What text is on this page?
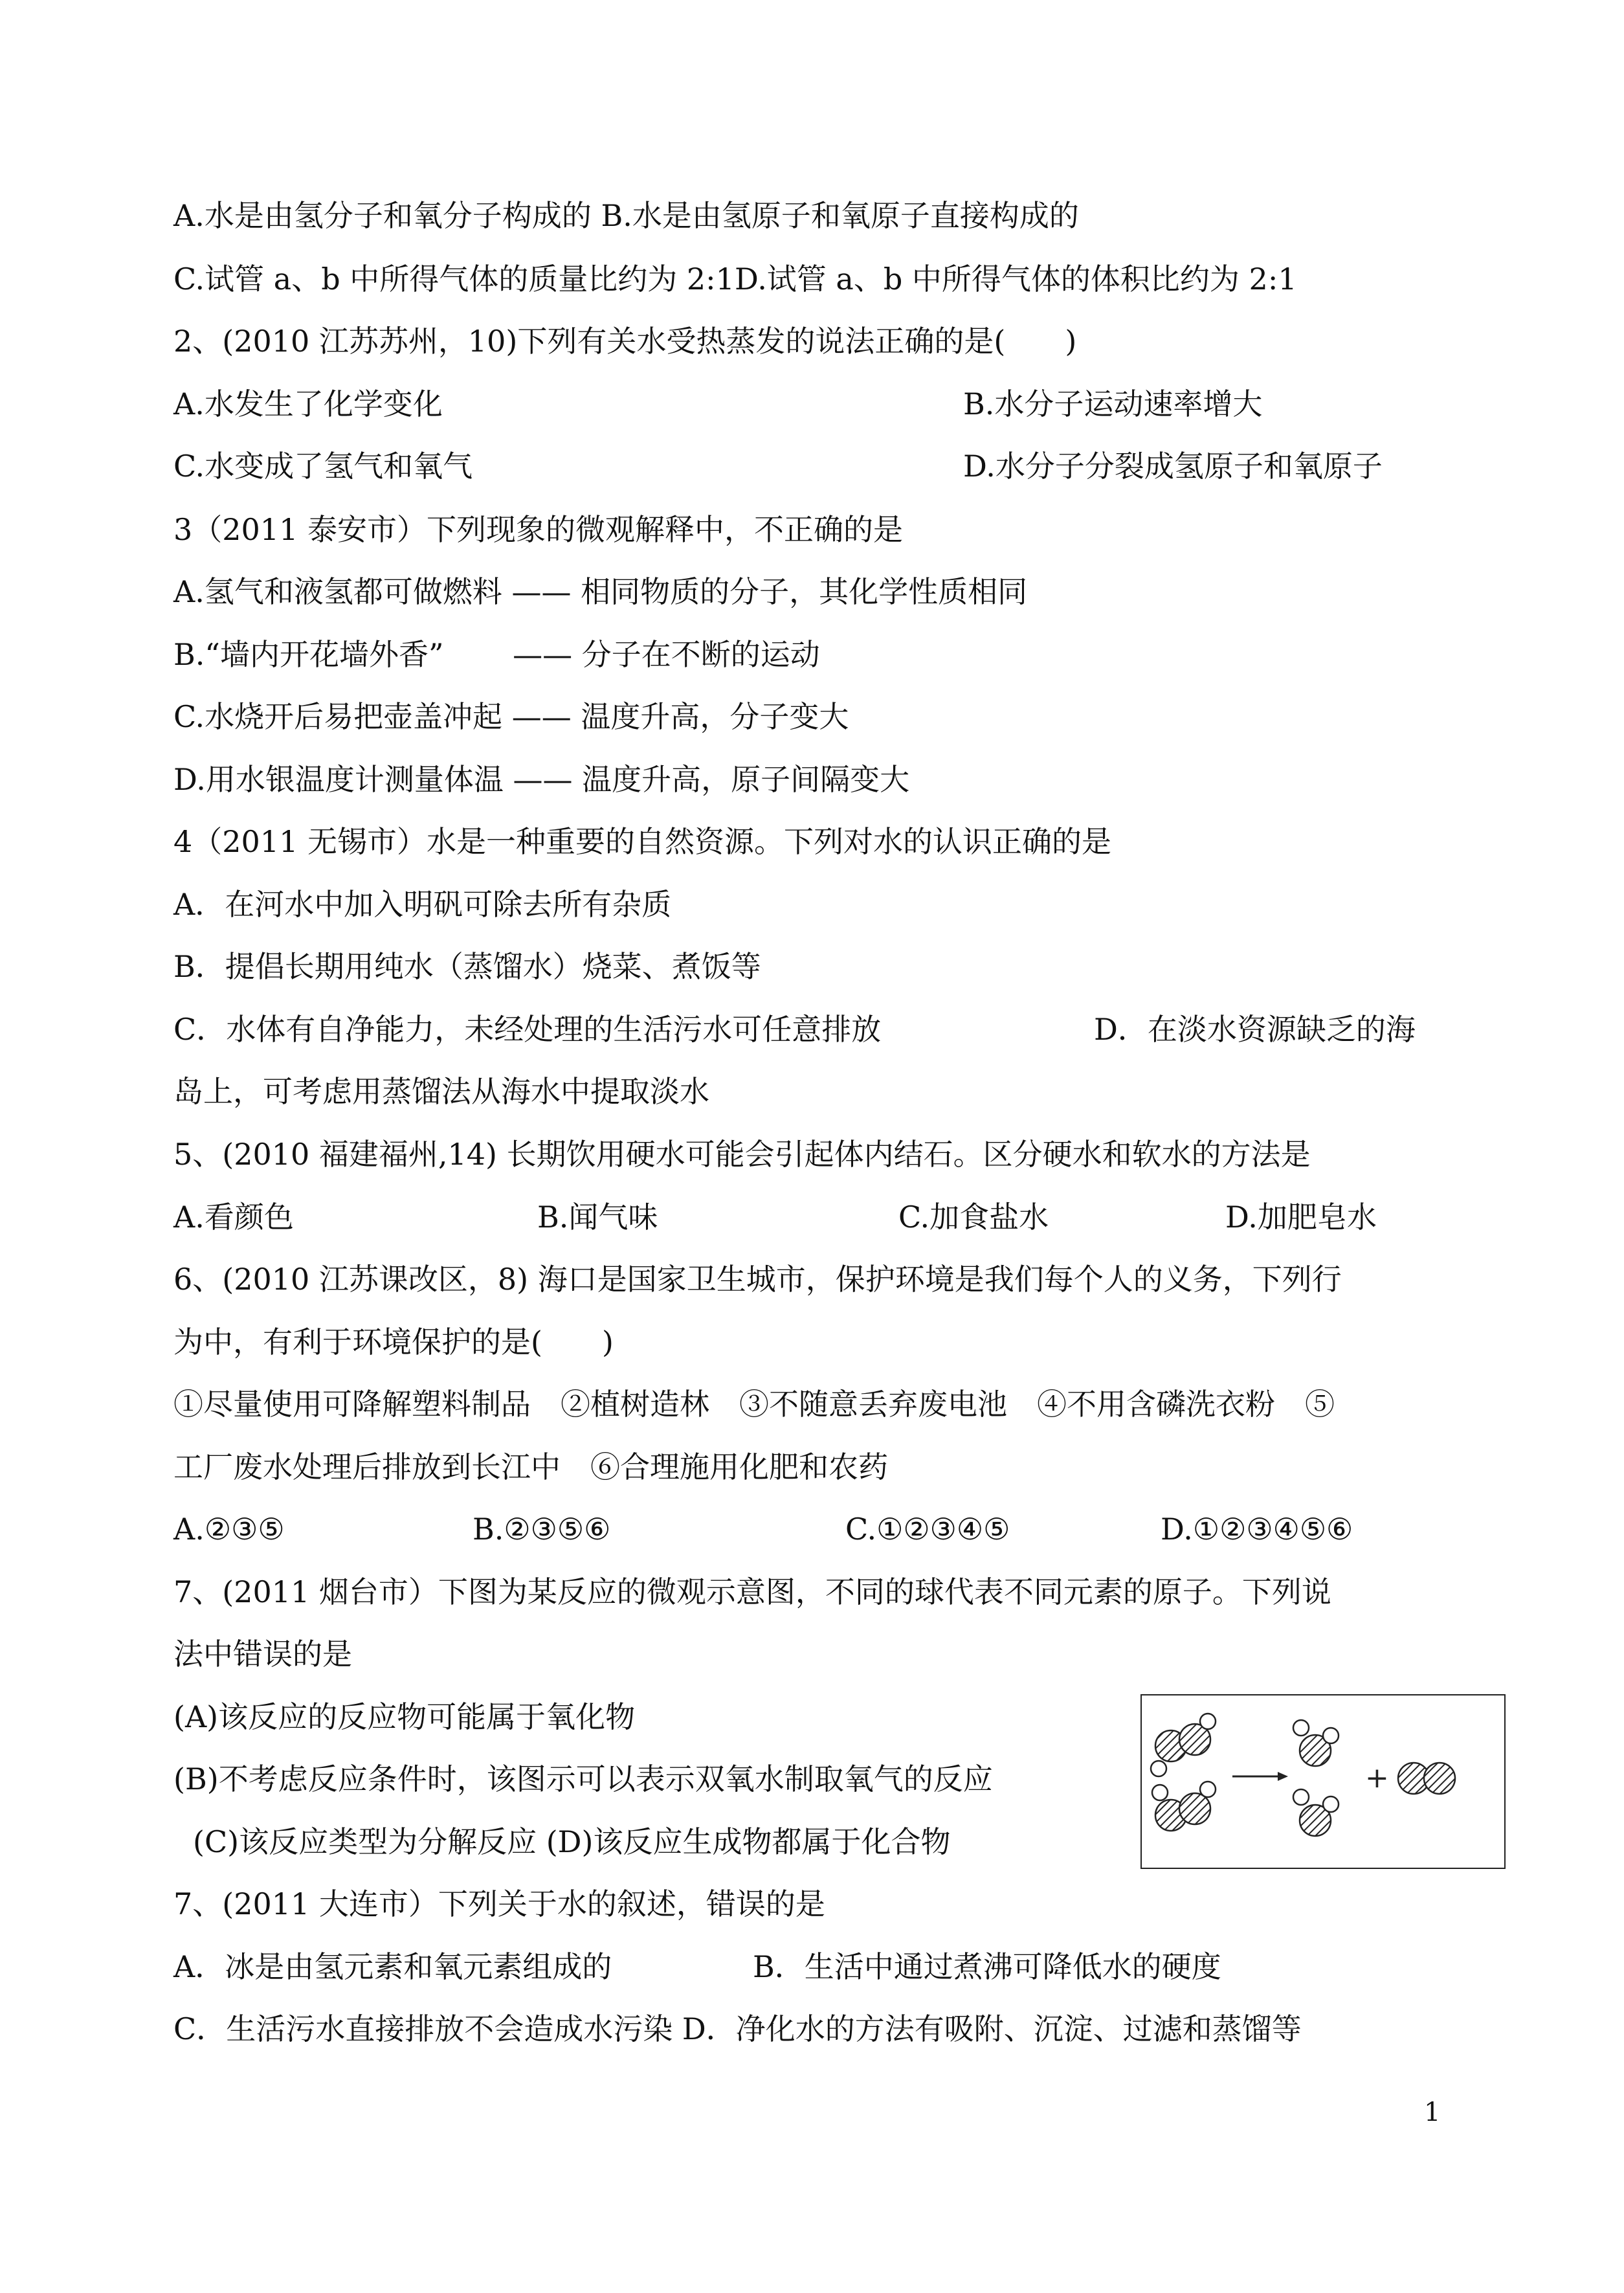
A.水是由氢分子和氧分子构成的 B.水是由氢原子和氧原子直接构成的
C.试管 a、b 中所得气体的质量比约为 2:1D.试管 a、b 中所得气体的体积比约为 2:1
2、(2010 江苏苏州，10)下列有关水受热蒸发的说法正确的是(　　)
A.水发生了化学变化	B.水分子运动速率增大
C.水变成了氢气和氧气	D.水分子分裂成氢原子和氧原子
3（2011 泰安市）下列现象的微观解释中，不正确的是
A.氢气和液氢都可做燃料 —— 相同物质的分子，其化学性质相同
B.“墙内开花墙外香”　　 —— 分子在不断的运动
C.水烧开后易把壶盖冲起 —— 温度升高，分子变大
D.用水银温度计测量体温 —— 温度升高，原子间隔变大
4（2011 无锡市）水是一种重要的自然资源。下列对水的认识正确的是
A．在河水中加入明矾可除去所有杂质
B．提倡长期用纯水（蒸馏水）烧菜、煮饭等
C．水体有自净能力，未经处理的生活污水可任意排放	D．在淡水资源缺乏的海
岛上，可考虑用蒸馏法从海水中提取淡水
5、(2010 福建福州,14) 长期饮用硬水可能会引起体内结石。区分硬水和软水的方法是
A.看颜色	B.闻气味	C.加食盐水	D.加肥皂水
6、(2010 江苏课改区，8) 海口是国家卫生城市，保护环境是我们每个人的义务，下列行
为中，有利于环境保护的是(　　)
①尽量使用可降解塑料制品　②植树造林　③不随意丢弃废电池　④不用含磷洗衣粉　⑤
工厂废水处理后排放到长江中　⑥合理施用化肥和农药
A.②③⑤	B.②③⑤⑥	C.①②③④⑤	D.①②③④⑤⑥
7、(2011 烟台市）下图为某反应的微观示意图，不同的球代表不同元素的原子。下列说
法中错误的是
(A)该反应的反应物可能属于氧化物
(B)不考虑反应条件时，该图示可以表示双氧水制取氧气的反应
(C)该反应类型为分解反应 (D)该反应生成物都属于化合物
+
7、(2011 大连市）下列关于水的叙述，错误的是
A．冰是由氢元素和氧元素组成的	B．生活中通过煮沸可降低水的硬度
C．生活污水直接排放不会造成水污染 D．净化水的方法有吸附、沉淀、过滤和蒸馏等
1
